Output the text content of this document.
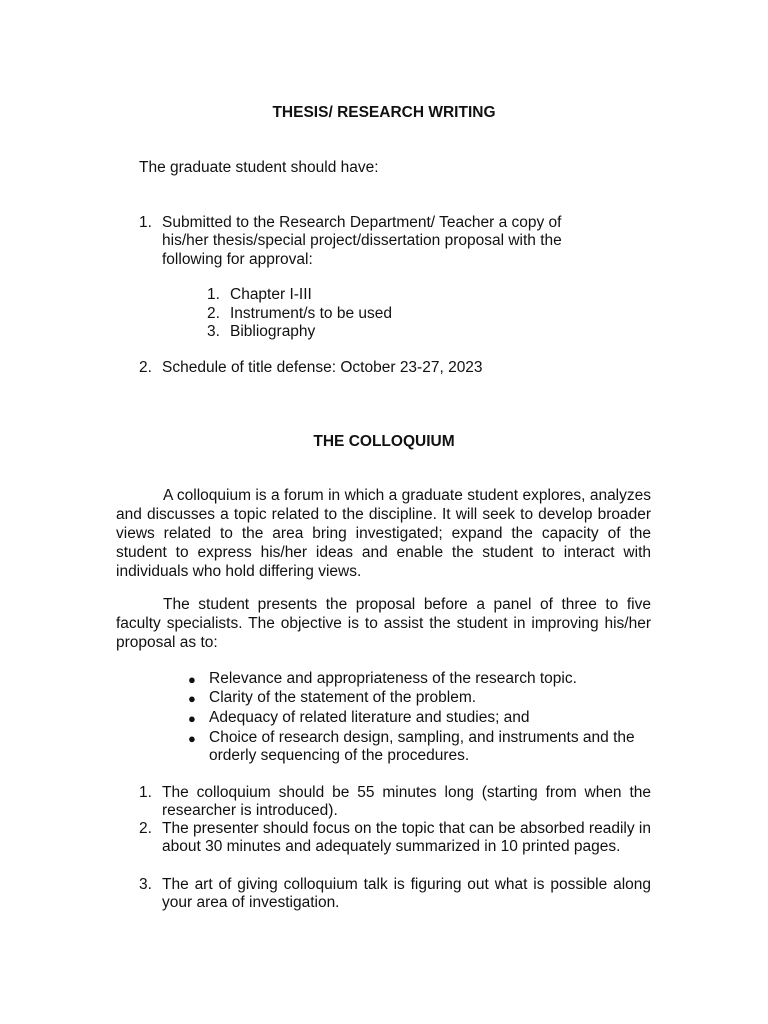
THESIS/ RESEARCH WRITING
The graduate student should have:
1. Submitted to the Research Department/ Teacher a copy of his/her thesis/special project/dissertation proposal with the following for approval:
1. Chapter I-III
2. Instrument/s to be used
3. Bibliography
2. Schedule of title defense: October 23-27, 2023
THE COLLOQUIUM
A colloquium is a forum in which a graduate student explores, analyzes and discusses a topic related to the discipline. It will seek to develop broader views related to the area bring investigated; expand the capacity of the student to express his/her ideas and enable the student to interact with individuals who hold differing views.
The student presents the proposal before a panel of three to five faculty specialists. The objective is to assist the student in improving his/her proposal as to:
● Relevance and appropriateness of the research topic.
● Clarity of the statement of the problem.
● Adequacy of related literature and studies; and
● Choice of research design, sampling, and instruments and the orderly sequencing of the procedures.
1. The colloquium should be 55 minutes long (starting from when the researcher is introduced).
2. The presenter should focus on the topic that can be absorbed readily in about 30 minutes and adequately summarized in 10 printed pages.
3. The art of giving colloquium talk is figuring out what is possible along your area of investigation.
